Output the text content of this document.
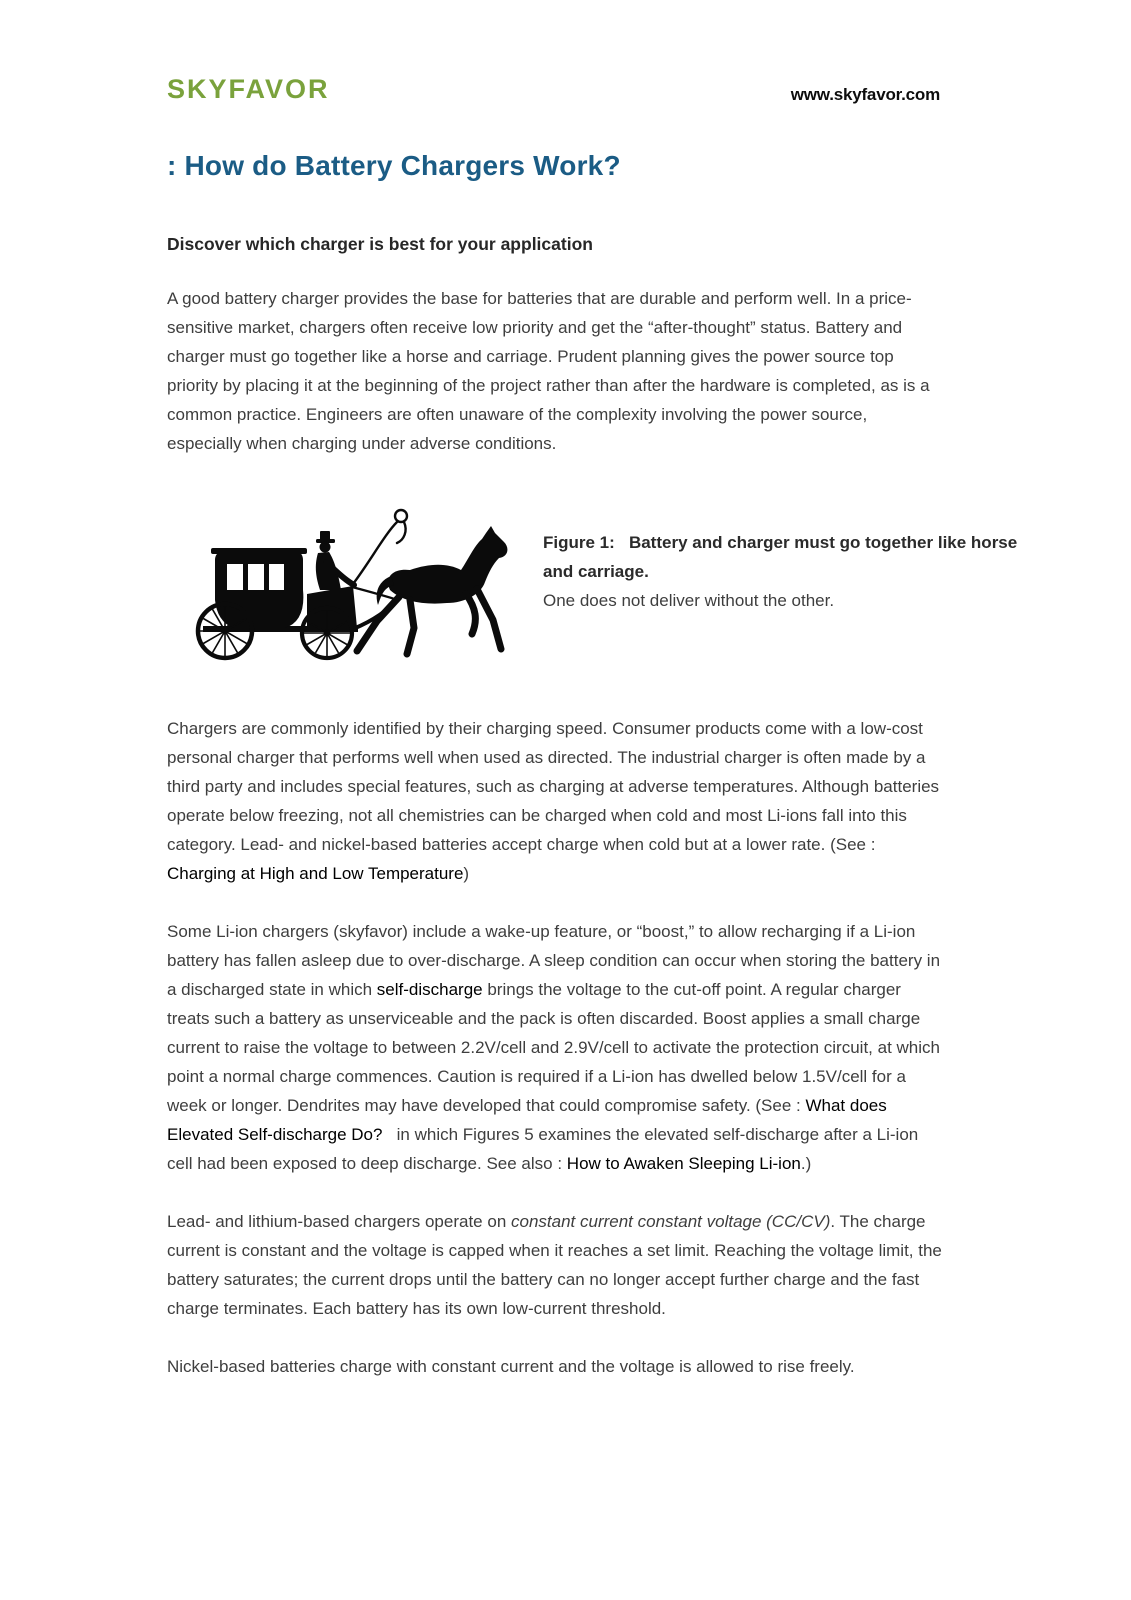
SKYFAVOR	www.skyfavor.com
: How do Battery Chargers Work?
Discover which charger is best for your application

A good battery charger provides the base for batteries that are durable and perform well. In a price-sensitive market, chargers often receive low priority and get the “after-thought” status. Battery and charger must go together like a horse and carriage. Prudent planning gives the power source top priority by placing it at the beginning of the project rather than after the hardware is completed, as is a common practice. Engineers are often unaware of the complexity involving the power source, especially when charging under adverse conditions.

Figure 1:   Battery and charger must go together like horse and carriage.
One does not deliver without the other.

Chargers are commonly identified by their charging speed. Consumer products come with a low-cost personal charger that performs well when used as directed. The industrial charger is often made by a third party and includes special features, such as charging at adverse temperatures. Although batteries operate below freezing, not all chemistries can be charged when cold and most Li-ions fall into this category. Lead- and nickel-based batteries accept charge when cold but at a lower rate. (See : Charging at High and Low Temperature)

Some Li-ion chargers (skyfavor) include a wake-up feature, or “boost,” to allow recharging if a Li-ion battery has fallen asleep due to over-discharge. A sleep condition can occur when storing the battery in a discharged state in which self-discharge brings the voltage to the cut-off point. A regular charger treats such a battery as unserviceable and the pack is often discarded. Boost applies a small charge current to raise the voltage to between 2.2V/cell and 2.9V/cell to activate the protection circuit, at which point a normal charge commences. Caution is required if a Li-ion has dwelled below 1.5V/cell for a week or longer. Dendrites may have developed that could compromise safety. (See : What does Elevated Self-discharge Do?   in which Figures 5 examines the elevated self-discharge after a Li-ion cell had been exposed to deep discharge. See also : How to Awaken Sleeping Li-ion.)

Lead- and lithium-based chargers operate on constant current constant voltage (CC/CV). The charge current is constant and the voltage is capped when it reaches a set limit. Reaching the voltage limit, the battery saturates; the current drops until the battery can no longer accept further charge and the fast charge terminates. Each battery has its own low-current threshold.

Nickel-based batteries charge with constant current and the voltage is allowed to rise freely.
